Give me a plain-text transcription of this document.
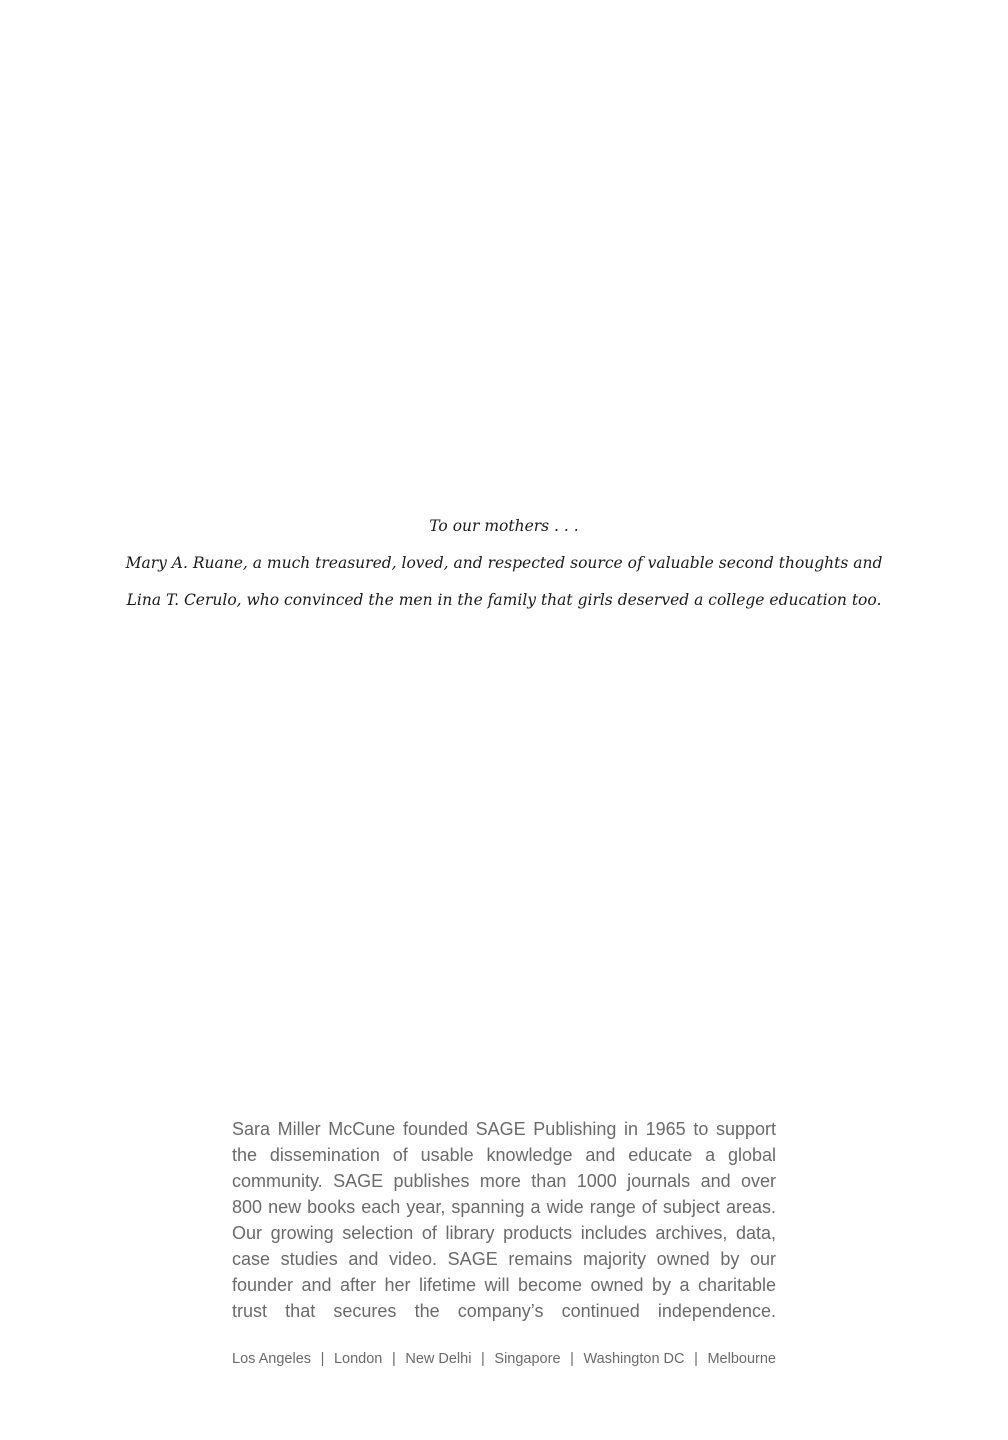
To our mothers . . .
Mary A. Ruane, a much treasured, loved, and respected source of valuable second thoughts and
Lina T. Cerulo, who convinced the men in the family that girls deserved a college education too.
Sara Miller McCune founded SAGE Publishing in 1965 to support
the dissemination of usable knowledge and educate a global
community. SAGE publishes more than 1000 journals and over
800 new books each year, spanning a wide range of subject areas.
Our growing selection of library products includes archives, data,
case studies and video. SAGE remains majority owned by our
founder and after her lifetime will become owned by a charitable
trust that secures the company’s continued independence.
Los Angeles | London | New Delhi | Singapore | Washington DC | Melbourne
